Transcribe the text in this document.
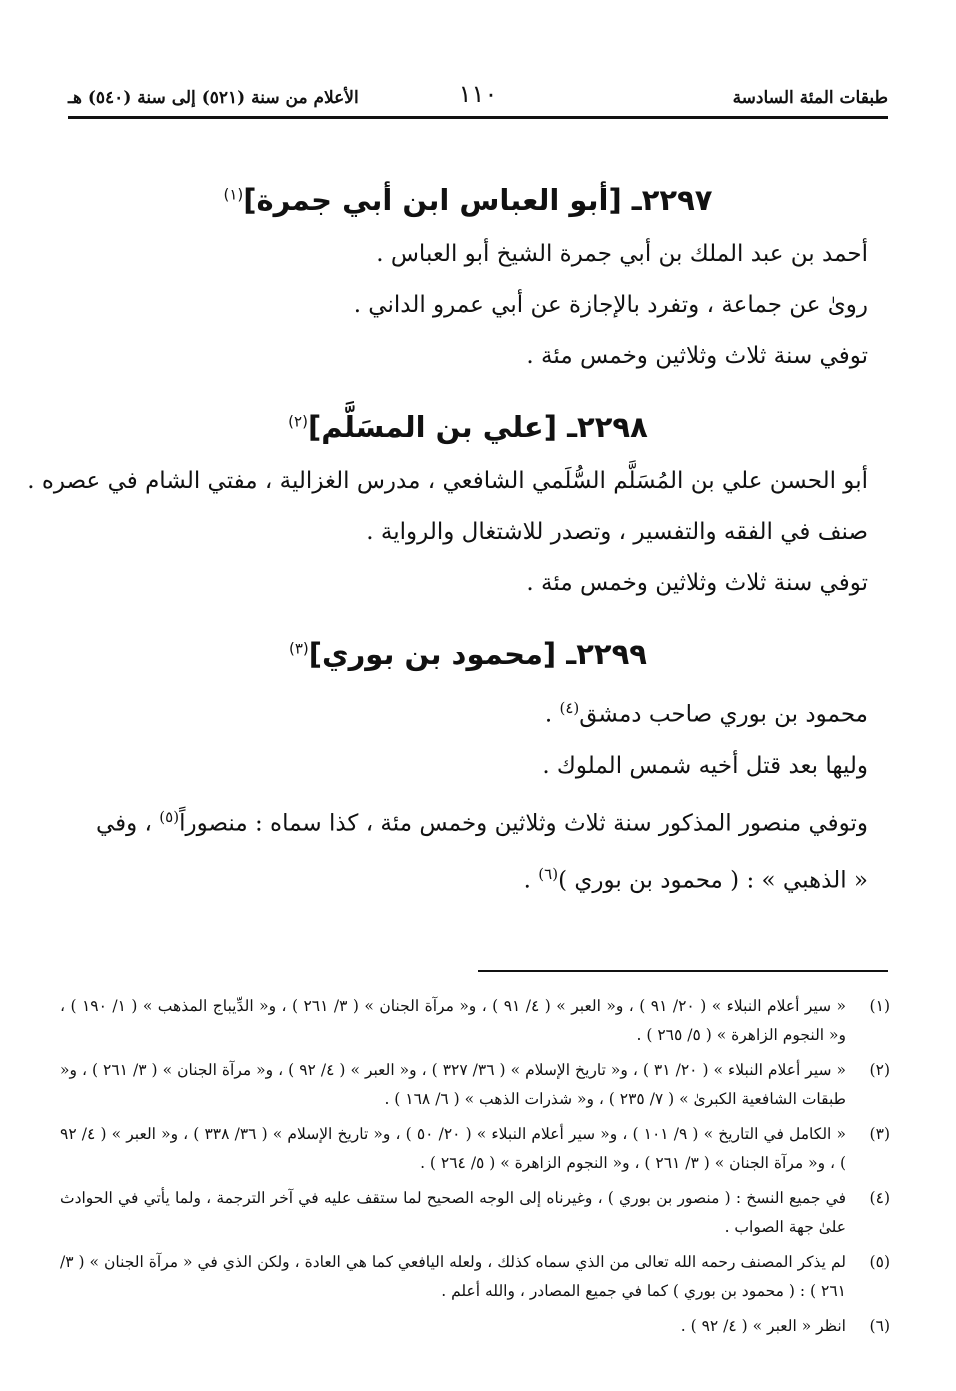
طبقات المئة السادسة
١١٠
الأعلام من سنة (٥٢١) إلى سنة (٥٤٠) هـ
٢٢٩٧ـ [أبو العباس ابن أبي جمرة]$^{(١)}$
أحمد بن عبد الملك بن أبي جمرة الشيخ أبو العباس .
روىٰ عن جماعة ، وتفرد بالإجازة عن أبي عمرو الداني .
توفي سنة ثلاث وثلاثين وخمس مئة .
٢٢٩٨ـ [علي بن المسَلَّم]$^{(٢)}$
أبو الحسن علي بن المُسَلَّم السُّلَمي الشافعي ، مدرس الغزالية ، مفتي الشام في عصره .
صنف في الفقه والتفسير ، وتصدر للاشتغال والرواية .
توفي سنة ثلاث وثلاثين وخمس مئة .
٢٢٩٩ـ [محمود بن بوري]$^{(٣)}$
محمود بن بوري صاحب دمشق$^{(٤)}$ .
وليها بعد قتل أخيه شمس الملوك .
وتوفي منصور المذكور سنة ثلاث وثلاثين وخمس مئة ، كذا سماه : منصوراً$^{(٥)}$ ، وفي
« الذهبي » : ( محمود بن بوري )$^{(٦)}$ .
(١)
« سير أعلام النبلاء » ( ٢٠/ ٩١ ) ، و« العبر » ( ٤/ ٩١ ) ، و« مرآة الجنان » ( ٣/ ٢٦١ ) ، و« الدِّيباج المذهب » ( ١/ ١٩٠ ) ، و« النجوم الزاهرة » ( ٥/ ٢٦٥ ) .
(٢)
« سير أعلام النبلاء » ( ٢٠/ ٣١ ) ، و« تاريخ الإسلام » ( ٣٦/ ٣٢٧ ) ، و« العبر » ( ٤/ ٩٢ ) ، و« مرآة الجنان » ( ٣/ ٢٦١ ) ، و« طبقات الشافعية الكبرىٰ » ( ٧/ ٢٣٥ ) ، و« شذرات الذهب » ( ٦/ ١٦٨ ) .
(٣)
« الكامل في التاريخ » ( ٩/ ١٠١ ) ، و« سير أعلام النبلاء » ( ٢٠/ ٥٠ ) ، و« تاريخ الإسلام » ( ٣٦/ ٣٣٨ ) ، و« العبر » ( ٤/ ٩٢ ) ، و« مرآة الجنان » ( ٣/ ٢٦١ ) ، و« النجوم الزاهرة » ( ٥/ ٢٦٤ ) .
(٤)
في جميع النسخ : ( منصور بن بوري ) ، وغيرناه إلى الوجه الصحيح لما ستقف عليه في آخر الترجمة ، ولما يأتي في الحوادث علىٰ جهة الصواب .
(٥)
لم يذكر المصنف رحمه الله تعالى من الذي سماه كذلك ، ولعله اليافعي كما هي العادة ، ولكن الذي في « مرآة الجنان » ( ٣/ ٢٦١ ) : ( محمود بن بوري ) كما في جميع المصادر ، والله أعلم .
(٦)
انظر « العبر » ( ٤/ ٩٢ ) .
